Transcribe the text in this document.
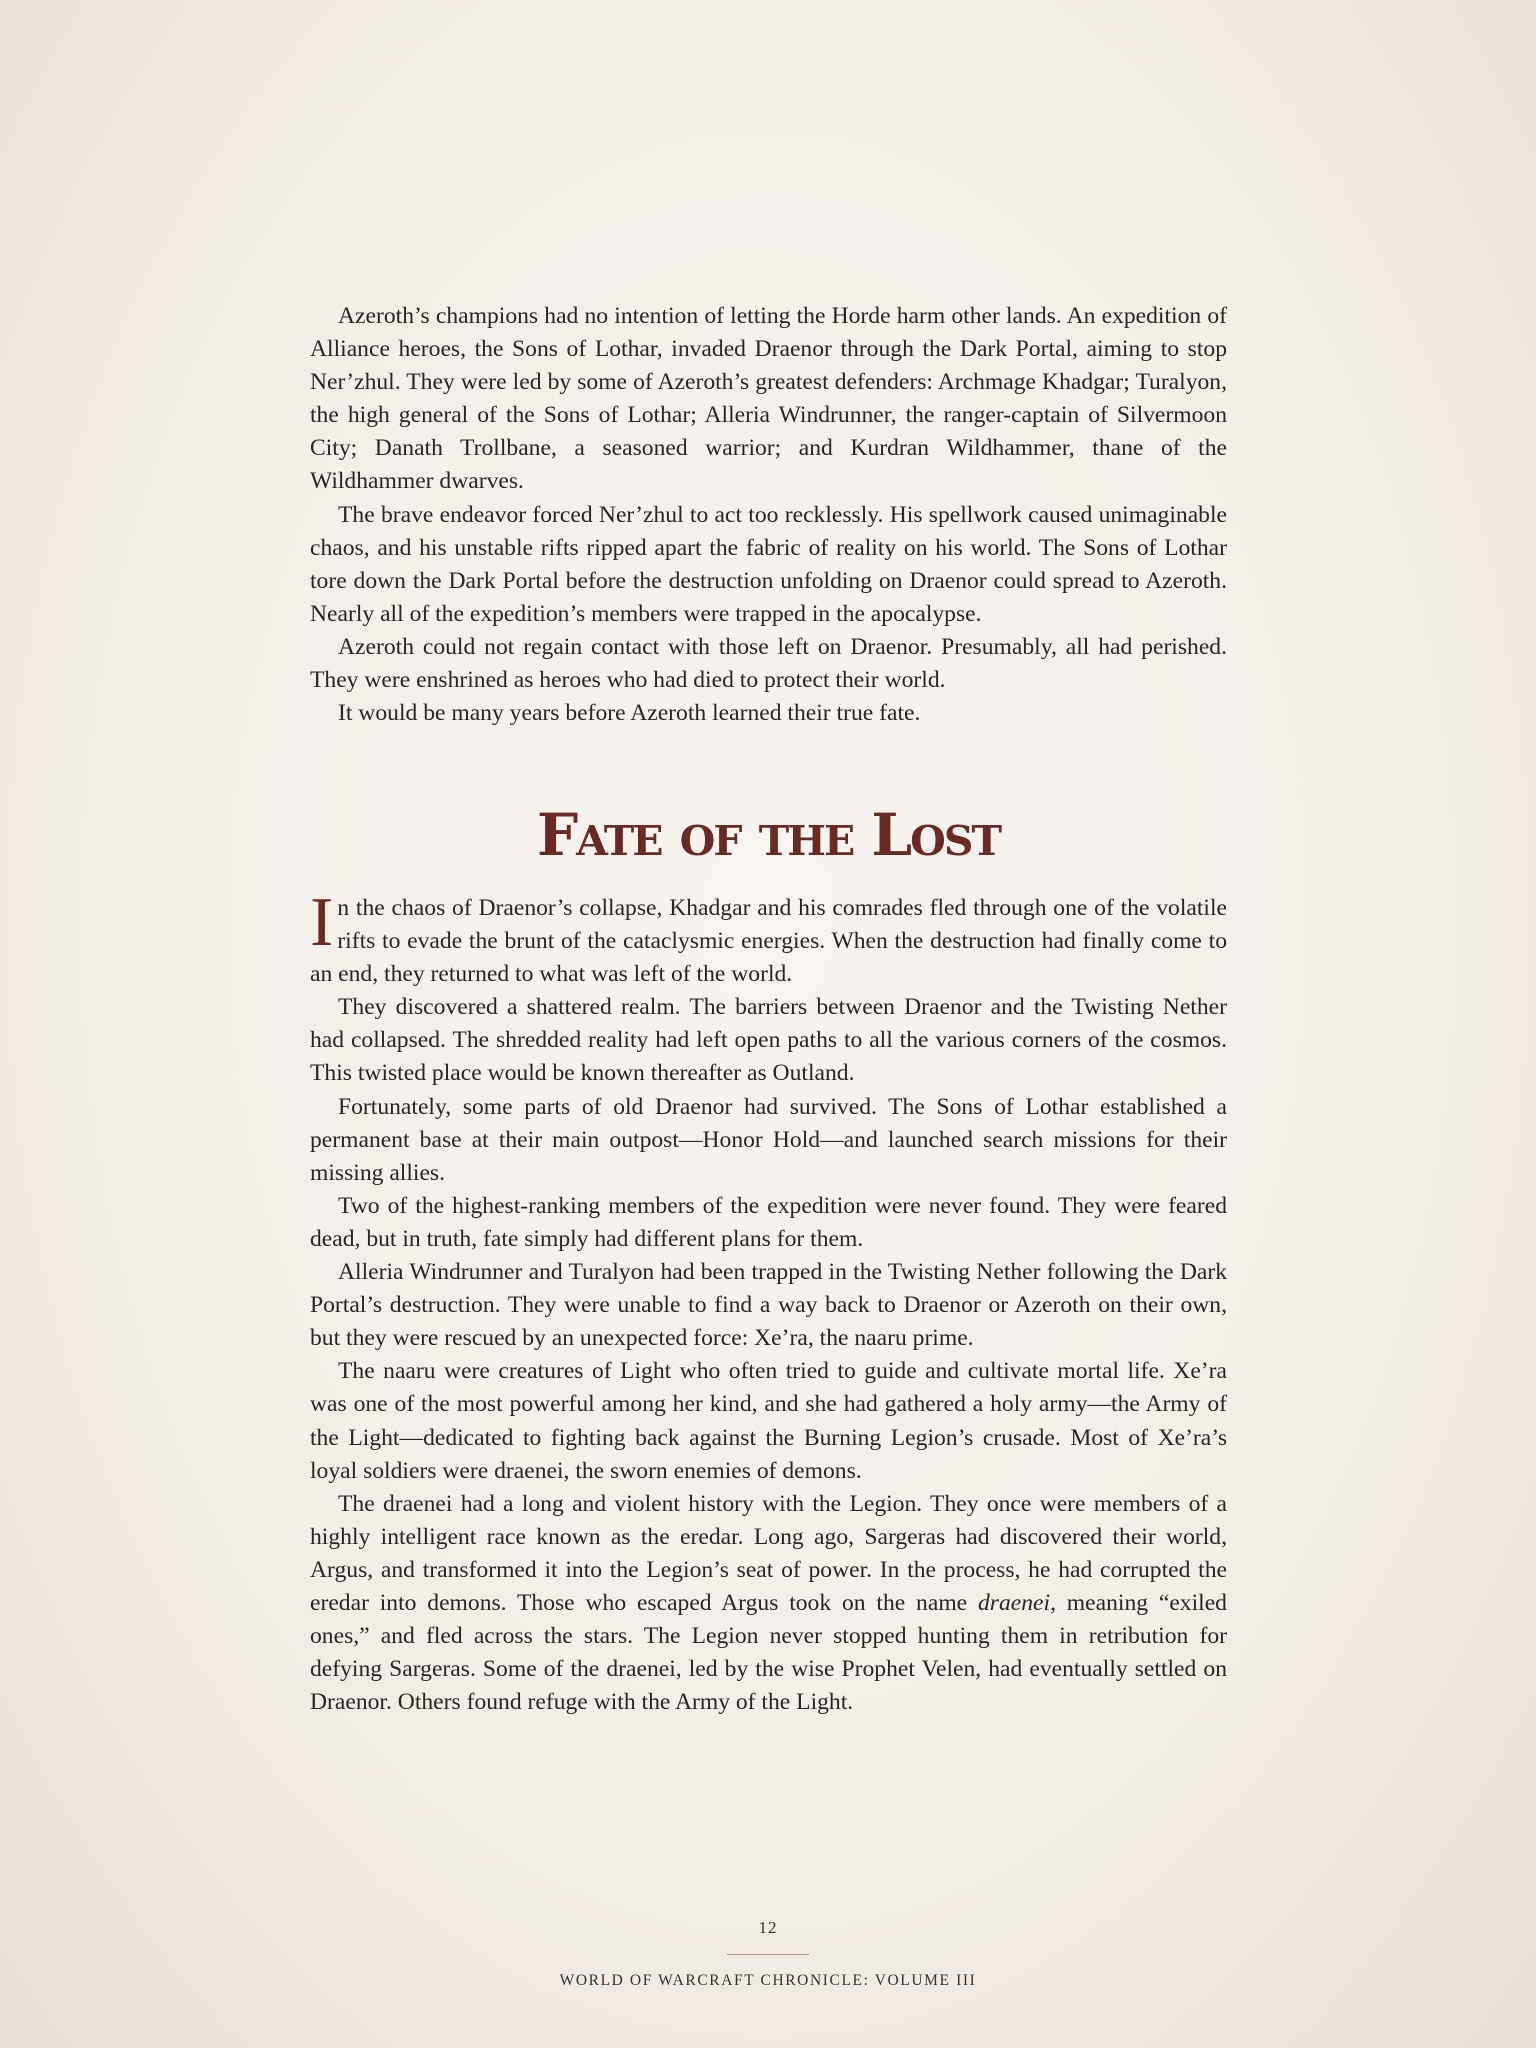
Azeroth’s champions had no intention of letting the Horde harm other lands. An expedition of Alliance heroes, the Sons of Lothar, invaded Draenor through the Dark Portal, aiming to stop Ner’zhul. They were led by some of Azeroth’s greatest defenders: Archmage Khadgar; Turalyon, the high general of the Sons of Lothar; Alleria Windrunner, the ranger-captain of Silvermoon City; Danath Trollbane, a seasoned warrior; and Kurdran Wildhammer, thane of the Wildhammer dwarves.

The brave endeavor forced Ner’zhul to act too recklessly. His spellwork caused unimaginable chaos, and his unstable rifts ripped apart the fabric of reality on his world. The Sons of Lothar tore down the Dark Portal before the destruction unfolding on Draenor could spread to Azeroth. Nearly all of the expedition’s members were trapped in the apocalypse.

Azeroth could not regain contact with those left on Draenor. Presumably, all had perished. They were enshrined as heroes who had died to protect their world.

It would be many years before Azeroth learned their true fate.

Fate of the Lost

In the chaos of Draenor’s collapse, Khadgar and his comrades fled through one of the volatile rifts to evade the brunt of the cataclysmic energies. When the destruction had finally come to an end, they returned to what was left of the world.

They discovered a shattered realm. The barriers between Draenor and the Twisting Nether had collapsed. The shredded reality had left open paths to all the various corners of the cosmos. This twisted place would be known thereafter as Outland.

Fortunately, some parts of old Draenor had survived. The Sons of Lothar established a permanent base at their main outpost—Honor Hold—and launched search missions for their missing allies.

Two of the highest-ranking members of the expedition were never found. They were feared dead, but in truth, fate simply had different plans for them.

Alleria Windrunner and Turalyon had been trapped in the Twisting Nether following the Dark Portal’s destruction. They were unable to find a way back to Draenor or Azeroth on their own, but they were rescued by an unexpected force: Xe’ra, the naaru prime.

The naaru were creatures of Light who often tried to guide and cultivate mortal life. Xe’ra was one of the most powerful among her kind, and she had gathered a holy army—the Army of the Light—dedicated to fighting back against the Burning Legion’s crusade. Most of Xe’ra’s loyal soldiers were draenei, the sworn enemies of demons.

The draenei had a long and violent history with the Legion. They once were members of a highly intelligent race known as the eredar. Long ago, Sargeras had discovered their world, Argus, and transformed it into the Legion’s seat of power. In the process, he had corrupted the eredar into demons. Those who escaped Argus took on the name draenei, meaning “exiled ones,” and fled across the stars. The Legion never stopped hunting them in retribution for defying Sargeras. Some of the draenei, led by the wise Prophet Velen, had eventually settled on Draenor. Others found refuge with the Army of the Light.

12
WORLD OF WARCRAFT CHRONICLE: VOLUME III
